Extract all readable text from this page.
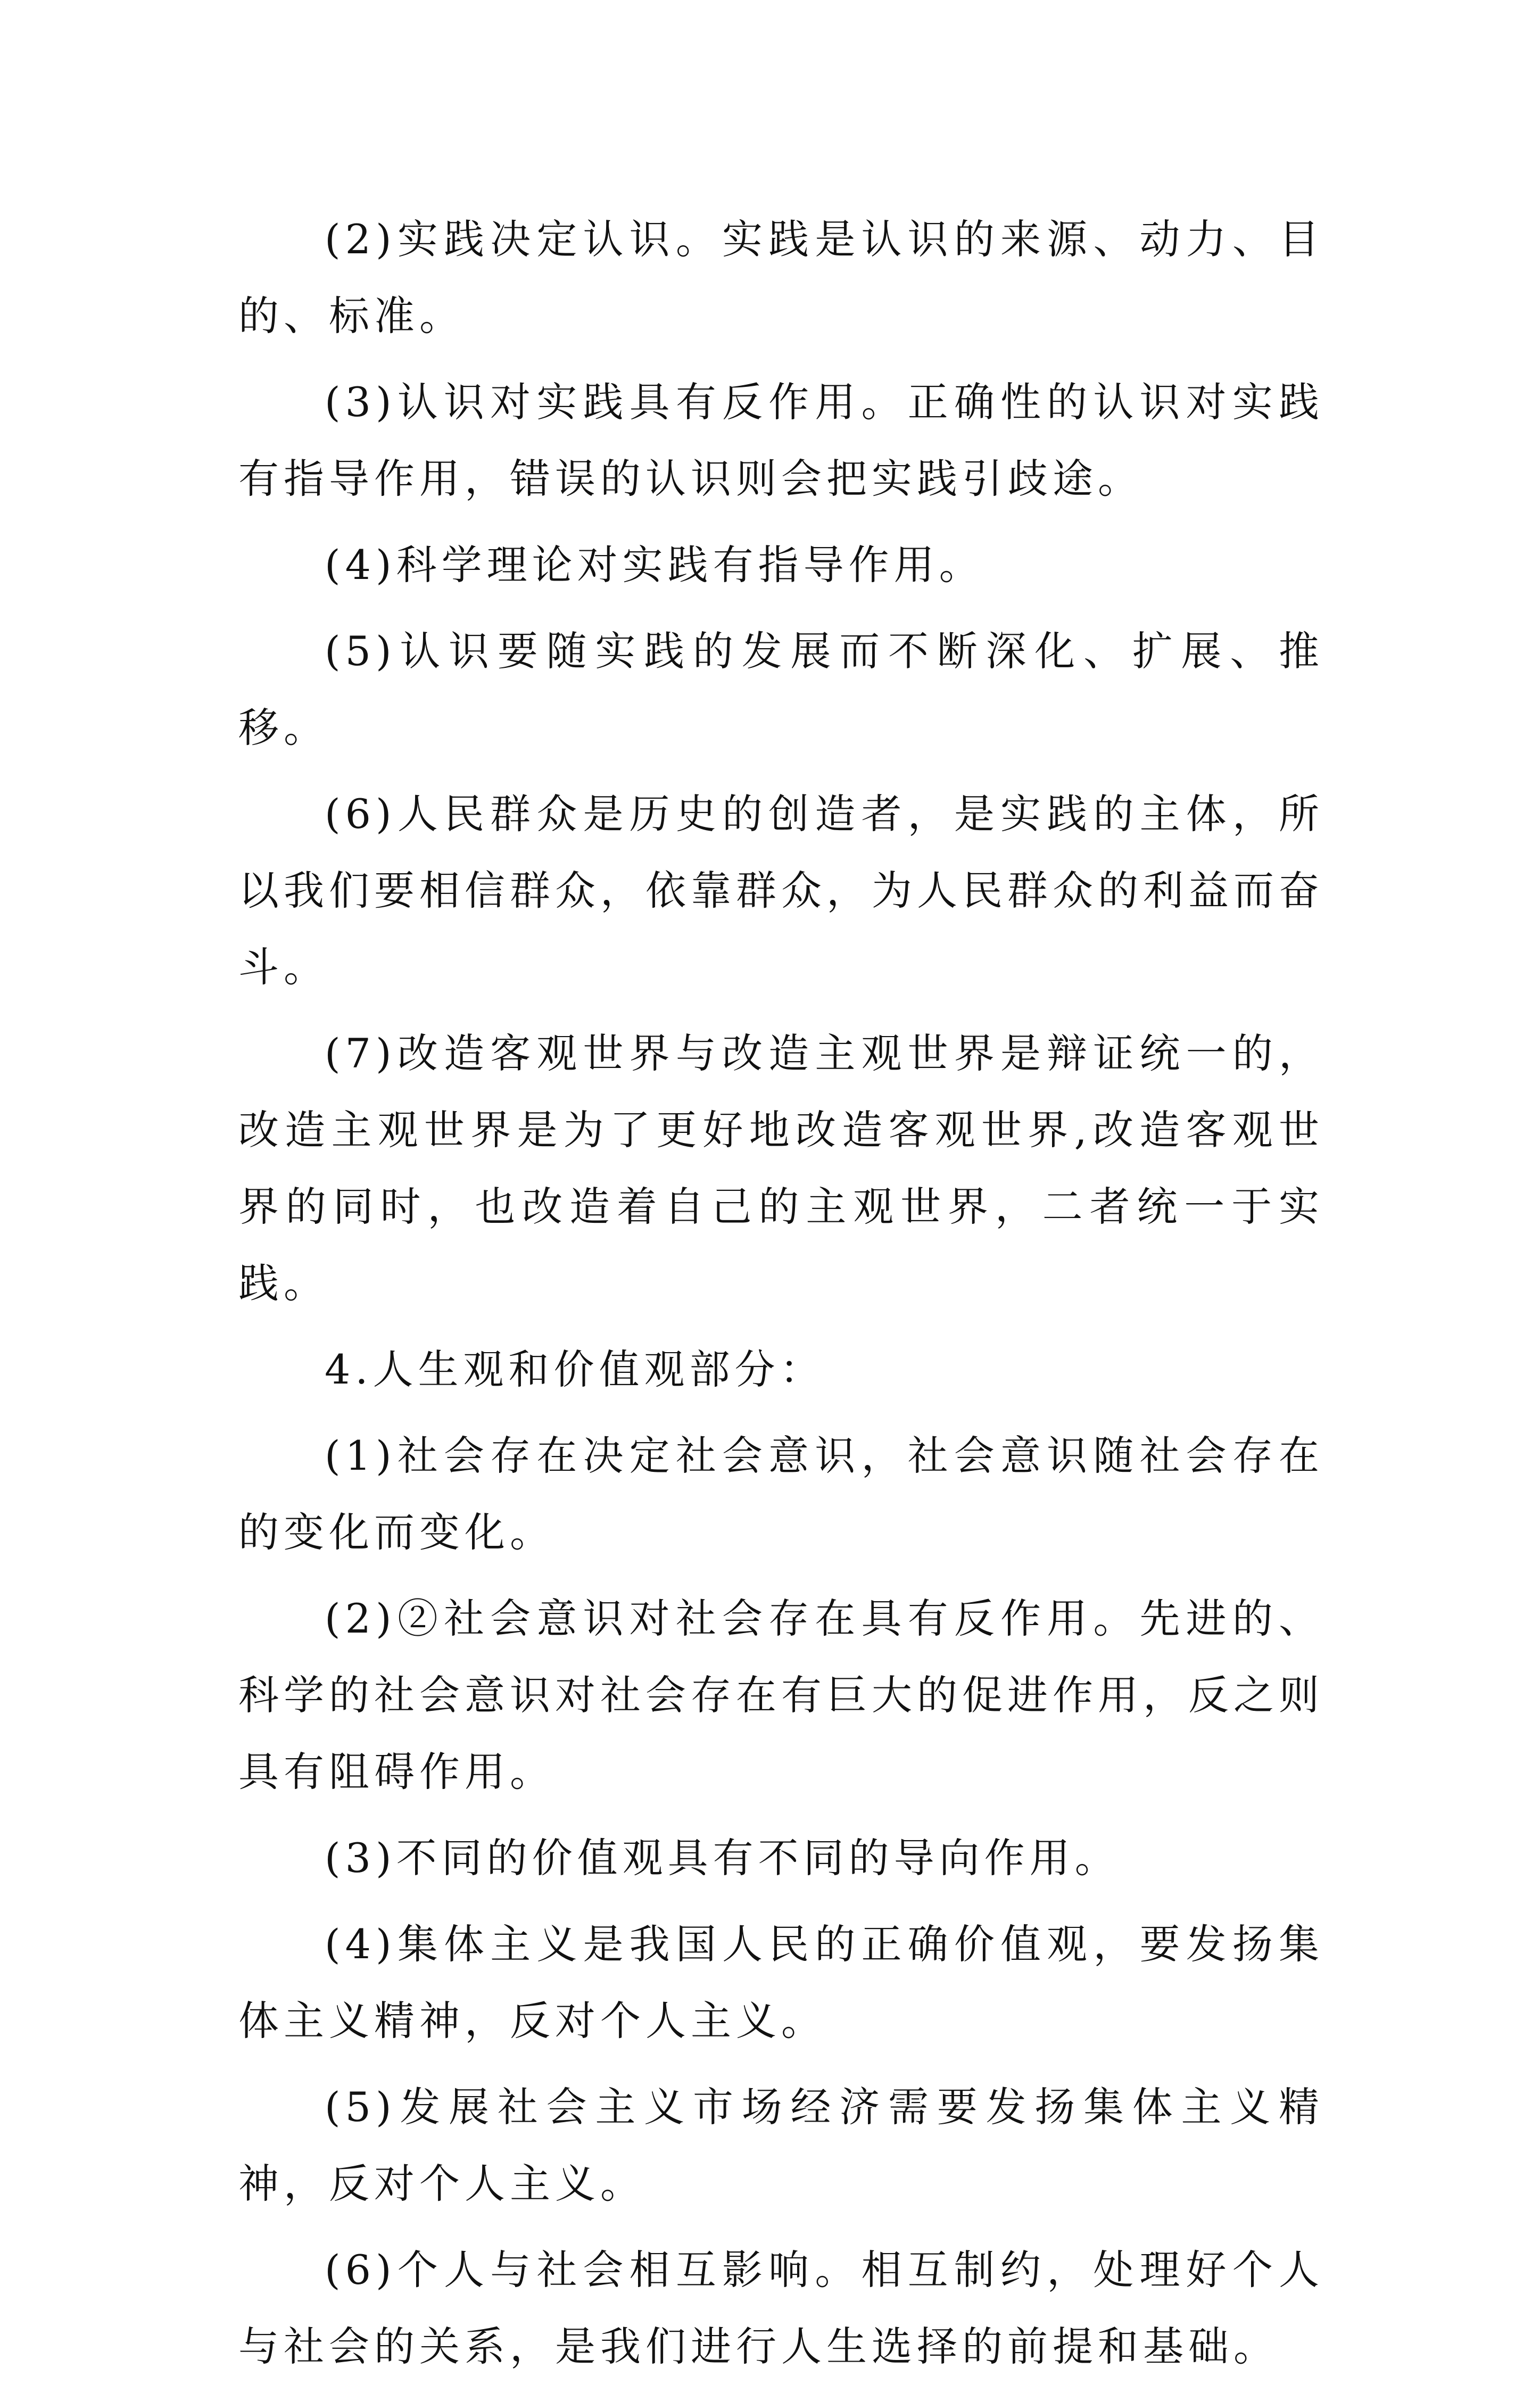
(2)实践决定认识。实践是认识的来源、动力、目的、标准。

(3)认识对实践具有反作用。正确性的认识对实践有指导作用，错误的认识则会把实践引歧途。

(4)科学理论对实践有指导作用。

(5)认识要随实践的发展而不断深化、扩展、推移。

(6)人民群众是历史的创造者，是实践的主体，所以我们要相信群众，依靠群众，为人民群众的利益而奋斗。

(7)改造客观世界与改造主观世界是辩证统一的，改造主观世界是为了更好地改造客观世界,改造客观世界的同时，也改造着自己的主观世界，二者统一于实践。

4.人生观和价值观部分：

(1)社会存在决定社会意识，社会意识随社会存在的变化而变化。

(2)②社会意识对社会存在具有反作用。先进的、科学的社会意识对社会存在有巨大的促进作用，反之则具有阻碍作用。

(3)不同的价值观具有不同的导向作用。

(4)集体主义是我国人民的正确价值观，要发扬集体主义精神，反对个人主义。

(5)发展社会主义市场经济需要发扬集体主义精神，反对个人主义。

(6)个人与社会相互影响。相互制约，处理好个人与社会的关系，是我们进行人生选择的前提和基础。
